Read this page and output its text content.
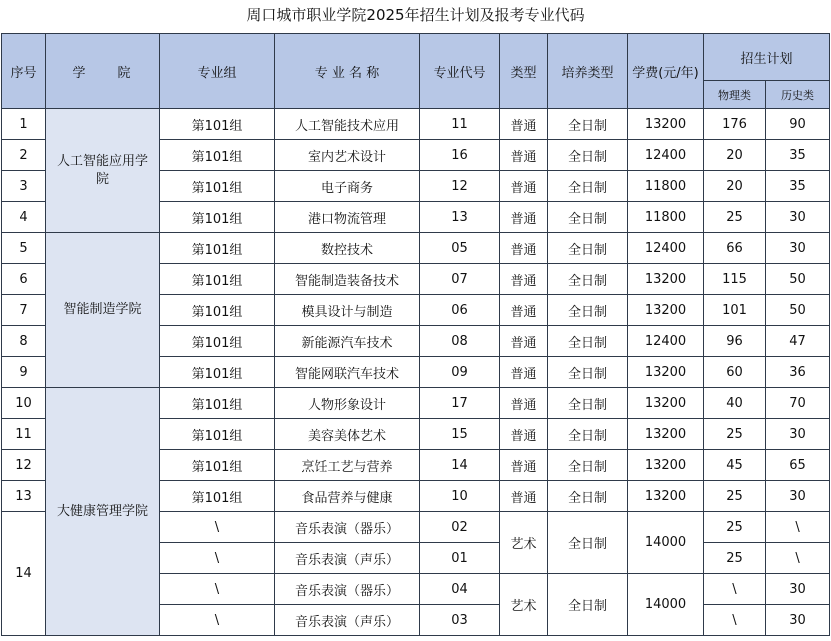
周口城市职业学院2025年招生计划及报考专业代码
序号	学　　院	专业组	专 业 名 称	专业代号	类型	培养类型	学费(元/年)	招生计划	
								物理类	历史类
1	人工智能应用学院	第101组	人工智能技术应用	11	普通	全日制	13200	176	90
2		第101组	室内艺术设计	16	普通	全日制	12400	20	35
3		第101组	电子商务	12	普通	全日制	11800	20	35
4		第101组	港口物流管理	13	普通	全日制	11800	25	30
5	智能制造学院	第101组	数控技术	05	普通	全日制	12400	66	30
6		第101组	智能制造装备技术	07	普通	全日制	13200	115	50
7		第101组	模具设计与制造	06	普通	全日制	13200	101	50
8		第101组	新能源汽车技术	08	普通	全日制	12400	96	47
9		第101组	智能网联汽车技术	09	普通	全日制	13200	60	36
10	大健康管理学院	第101组	人物形象设计	17	普通	全日制	13200	40	70
11		第101组	美容美体艺术	15	普通	全日制	13200	25	30
12		第101组	烹饪工艺与营养	14	普通	全日制	13200	45	65
13		第101组	食品营养与健康	10	普通	全日制	13200	25	30
14		\	音乐表演（器乐）	02	艺术	全日制	14000	25	\
		\	音乐表演（声乐）	01				25	\
		\	音乐表演（器乐）	04	艺术	全日制	14000	\	30
		\	音乐表演（声乐）	03				\	30
